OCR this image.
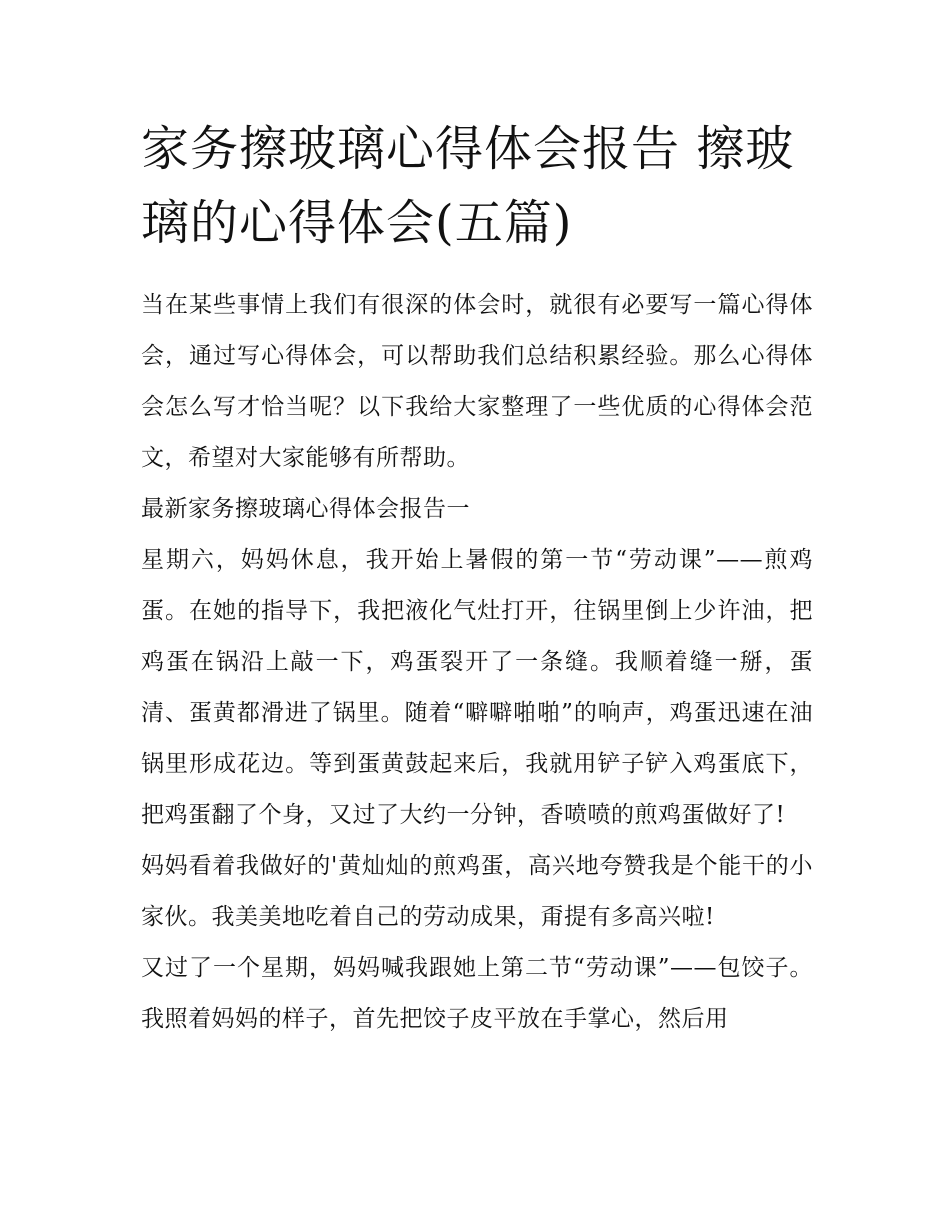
家务擦玻璃心得体会报告 擦玻璃的心得体会(五篇)

当在某些事情上我们有很深的体会时，就很有必要写一篇心得体会，通过写心得体会，可以帮助我们总结积累经验。那么心得体会怎么写才恰当呢？以下我给大家整理了一些优质的心得体会范文，希望对大家能够有所帮助。

最新家务擦玻璃心得体会报告一

星期六，妈妈休息，我开始上暑假的第一节“劳动课”——煎鸡蛋。在她的指导下，我把液化气灶打开，往锅里倒上少许油，把鸡蛋在锅沿上敲一下，鸡蛋裂开了一条缝。我顺着缝一掰，蛋清、蛋黄都滑进了锅里。随着“噼噼啪啪”的响声，鸡蛋迅速在油锅里形成花边。等到蛋黄鼓起来后，我就用铲子铲入鸡蛋底下，把鸡蛋翻了个身，又过了大约一分钟，香喷喷的煎鸡蛋做好了!

妈妈看着我做好的'黄灿灿的煎鸡蛋，高兴地夸赞我是个能干的小家伙。我美美地吃着自己的劳动成果，甭提有多高兴啦!

又过了一个星期，妈妈喊我跟她上第二节“劳动课”——包饺子。我照着妈妈的样子，首先把饺子皮平放在手掌心，然后用
